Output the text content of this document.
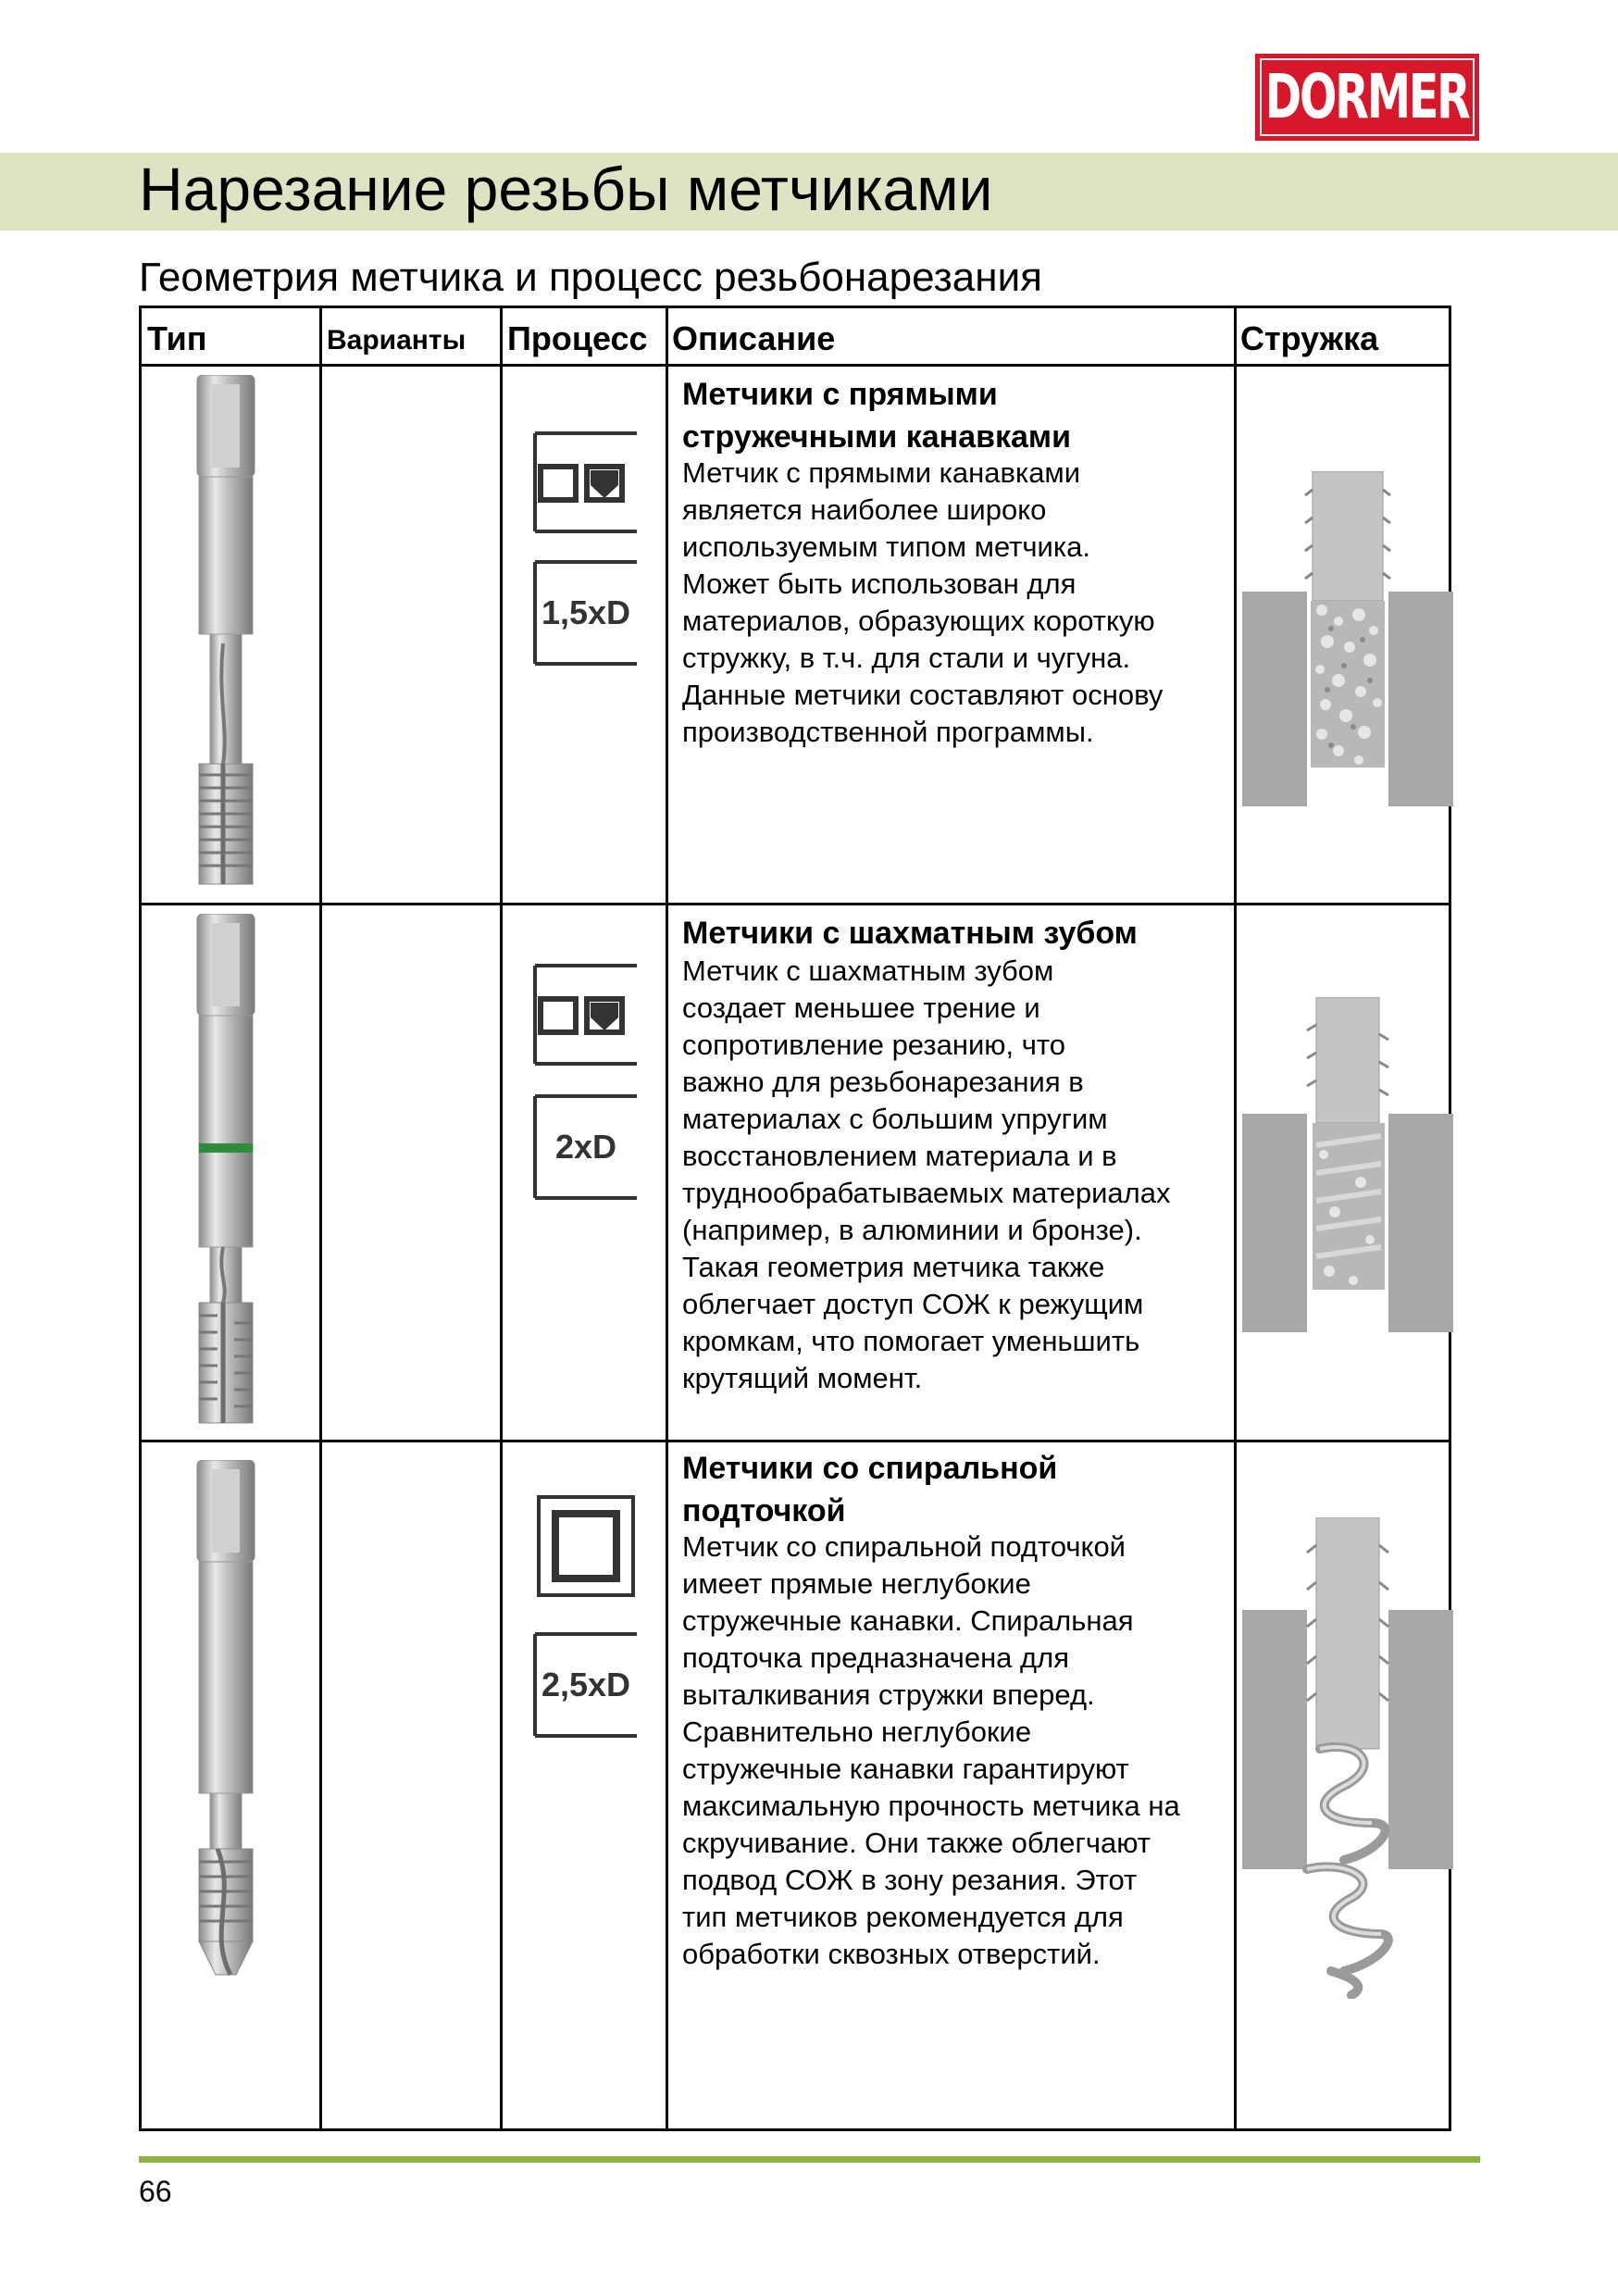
DORMER
Нарезание резьбы метчиками
Геометрия метчика и процесс резьбонарезания
Тип	Варианты Процесс Описание	Стружка
1,5xD
Метчики с прямыми
стружечными канавками
Метчик с прямыми канавками
является наиболее широко
используемым типом метчика.
Может быть использован для
материалов, образующих короткую
стружку, в т.ч. для стали и чугуна.
Данные метчики составляют основу
производственной программы.
2xD
Метчики с шахматным зубом
Метчик с шахматным зубом
создает меньшее трение и
сопротивление резанию, что
важно для резьбонарезания в
материалах с большим упругим
восстановлением материала и в
труднообрабатываемых материалах
(например, в алюминии и бронзе).
Такая геометрия метчика также
облегчает доступ СОЖ к режущим
кромкам, что помогает уменьшить
крутящий момент.
2,5xD
Метчики со спиральной
подточкой
Метчик со спиральной подточкой
имеет прямые неглубокие
стружечные канавки. Спиральная
подточка предназначена для
выталкивания стружки вперед.
Сравнительно неглубокие
стружечные канавки гарантируют
максимальную прочность метчика на
скручивание. Они также облегчают
подвод СОЖ в зону резания. Этот
тип метчиков рекомендуется для
обработки сквозных отверстий.
66
